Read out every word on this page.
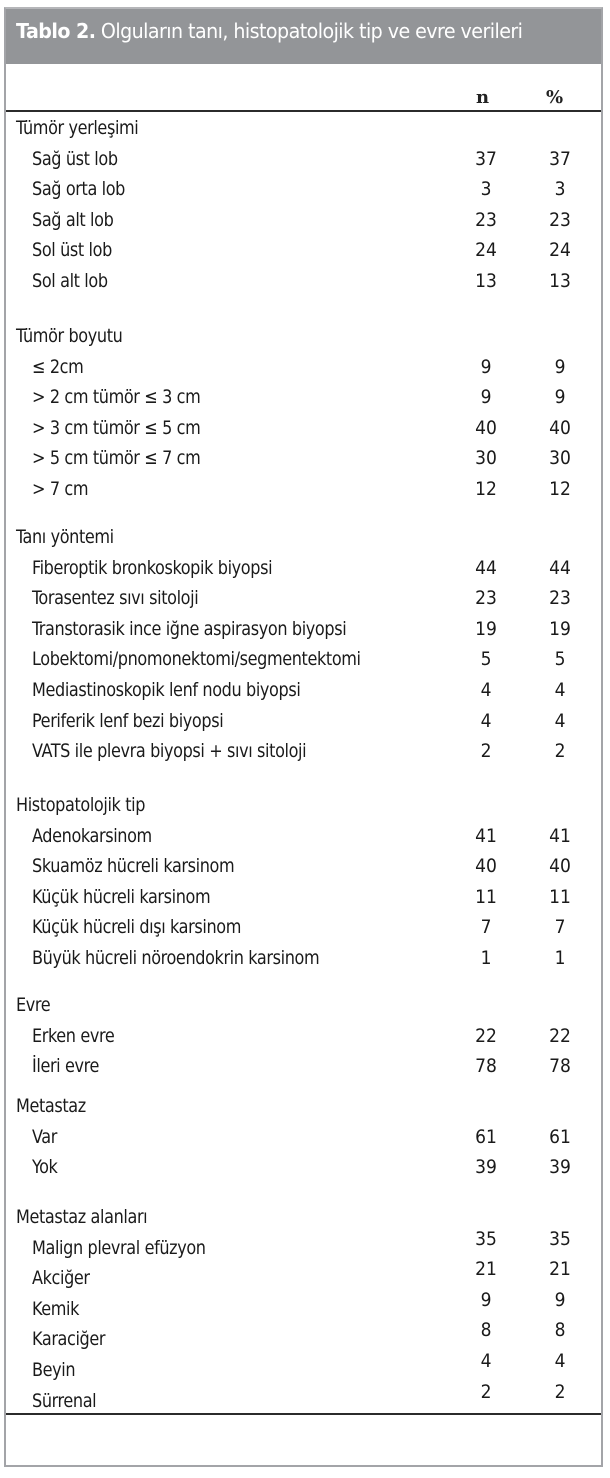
Tablo 2. Olguların tanı, histopatolojik tip ve evre verileri
n	%
Tümör yerleşimi
Sağ üst lob	37	37
Sağ orta lob	3	3
Sağ alt lob	23	23
Sol üst lob	24	24
Sol alt lob	13	13
Tümör boyutu
≤ 2cm	9	9
> 2 cm tümör ≤ 3 cm	9	9
> 3 cm tümör ≤ 5 cm	40	40
> 5 cm tümör ≤ 7 cm	30	30
> 7 cm	12	12
Tanı yöntemi
Fiberoptik bronkoskopik biyopsi	44	44
Torasentez sıvı sitoloji	23	23
Transtorasik ince iğne aspirasyon biyopsi	19	19
Lobektomi/pnomonektomi/segmentektomi	5	5
Mediastinoskopik lenf nodu biyopsi	4	4
Periferik lenf bezi biyopsi	4	4
VATS ile plevra biyopsi + sıvı sitoloji	2	2
Histopatolojik tip
Adenokarsinom	41	41
Skuamöz hücreli karsinom	40	40
Küçük hücreli karsinom	11	11
Küçük hücreli dışı karsinom	7	7
Büyük hücreli nöroendokrin karsinom	1	1
Evre
Erken evre	22	22
İleri evre	78	78
Metastaz
Var	61	61
Yok	39	39
Metastaz alanları
Malign plevral efüzyon	35	35
Akciğer	21	21
Kemik	9	9
Karaciğer	8	8
Beyin	4	4
Sürrenal	2	2
